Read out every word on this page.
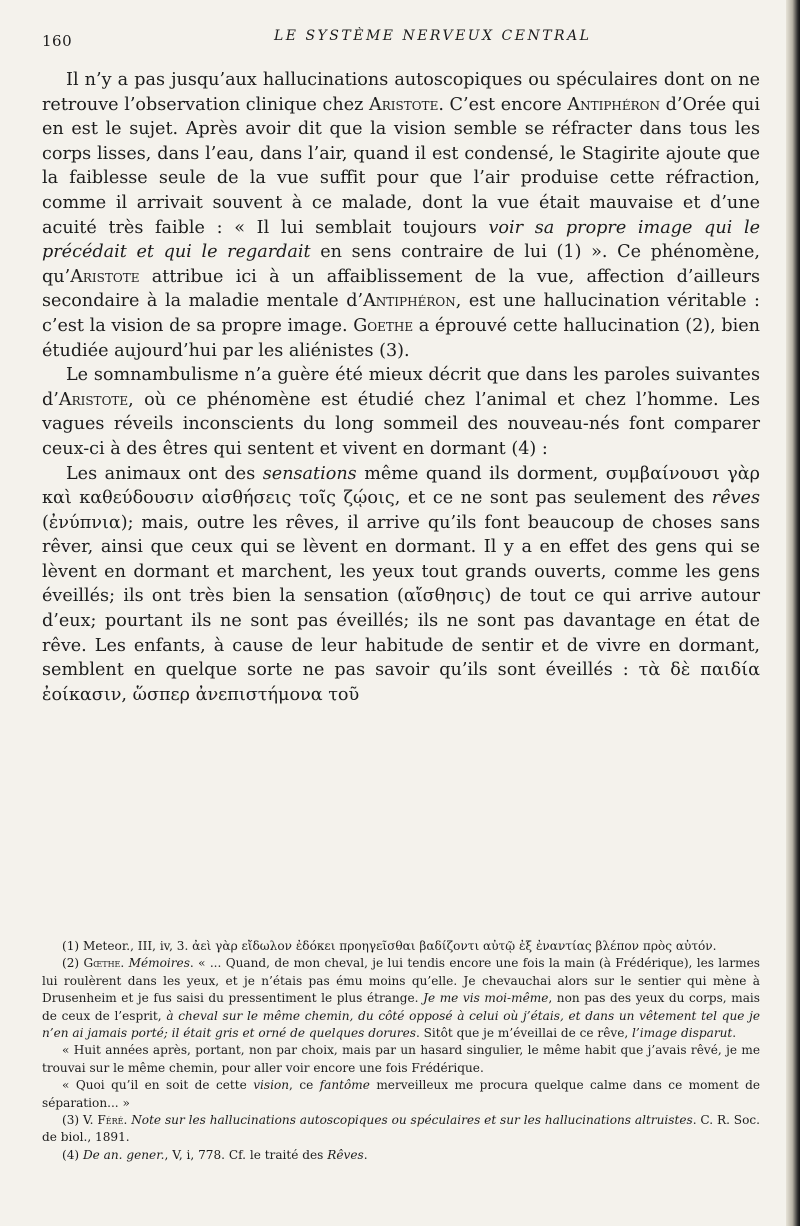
160	LE SYSTÈME NERVEUX CENTRAL

Il n’y a pas jusqu’aux hallucinations autoscopiques ou spéculaires dont on ne retrouve l’observation clinique chez Aristote. C’est encore Antiphéron d’Orée qui en est le sujet. Après avoir dit que la vision semble se réfracter dans tous les corps lisses, dans l’eau, dans l’air, quand il est condensé, le Stagirite ajoute que la faiblesse seule de la vue suffit pour que l’air produise cette réfraction, comme il arrivait souvent à ce malade, dont la vue était mauvaise et d’une acuité très faible : « Il lui semblait toujours voir sa propre image qui le précédait et qui le regardait en sens contraire de lui (1) ». Ce phénomène, qu’Aristote attribue ici à un affaiblissement de la vue, affection d’ailleurs secondaire à la maladie mentale d’Antiphéron, est une hallucination véritable : c’est la vision de sa propre image. Goethe a éprouvé cette hallucination (2), bien étudiée aujourd’hui par les aliénistes (3).

Le somnambulisme n’a guère été mieux décrit que dans les paroles suivantes d’Aristote, où ce phénomène est étudié chez l’animal et chez l’homme. Les vagues réveils inconscients du long sommeil des nouveau-nés font comparer ceux-ci à des êtres qui sentent et vivent en dormant (4) :

Les animaux ont des sensations même quand ils dorment, συμβαίνουσι γὰρ καὶ καθεύδουσιν αἰσθήσεις τοῖς ζῴοις, et ce ne sont pas seulement des rêves (ἐνύπνια); mais, outre les rêves, il arrive qu’ils font beaucoup de choses sans rêver, ainsi que ceux qui se lèvent en dormant. Il y a en effet des gens qui se lèvent en dormant et marchent, les yeux tout grands ouverts, comme les gens éveillés; ils ont très bien la sensation (αἴσθησις) de tout ce qui arrive autour d’eux; pourtant ils ne sont pas éveillés; ils ne sont pas davantage en état de rêve. Les enfants, à cause de leur habitude de sentir et de vivre en dormant, semblent en quelque sorte ne pas savoir qu’ils sont éveillés : τὰ δὲ παιδία ἐοίκασιν, ὥσπερ ἀνεπιστήμονα τοῦ

(1) Meteor., III, iv, 3. ἀεὶ γὰρ εἴδωλον ἐδόκει προηγεῖσθαι βαδίζοντι αὐτῷ ἐξ ἐναντίας βλέπον πρὸς αὐτόν.

(2) Gœthe. Mémoires. « ... Quand, de mon cheval, je lui tendis encore une fois la main (à Frédérique), les larmes lui roulèrent dans les yeux, et je n’étais pas ému moins qu’elle. Je chevauchai alors sur le sentier qui mène à Drusenheim et je fus saisi du pressentiment le plus étrange. Je me vis moi-même, non pas des yeux du corps, mais de ceux de l’esprit, à cheval sur le même chemin, du côté opposé à celui où j’étais, et dans un vêtement tel que je n’en ai jamais porté; il était gris et orné de quelques dorures. Sitôt que je m’éveillai de ce rêve, l’image disparut.

« Huit années après, portant, non par choix, mais par un hasard singulier, le même habit que j’avais rêvé, je me trouvai sur le même chemin, pour aller voir encore une fois Frédérique.

« Quoi qu’il en soit de cette vision, ce fantôme merveilleux me procura quelque calme dans ce moment de séparation... »

(3) V. Féré. Note sur les hallucinations autoscopiques ou spéculaires et sur les hallucinations altruistes. C. R. Soc. de biol., 1891.

(4) De an. gener., V, i, 778. Cf. le traité des Rêves.
